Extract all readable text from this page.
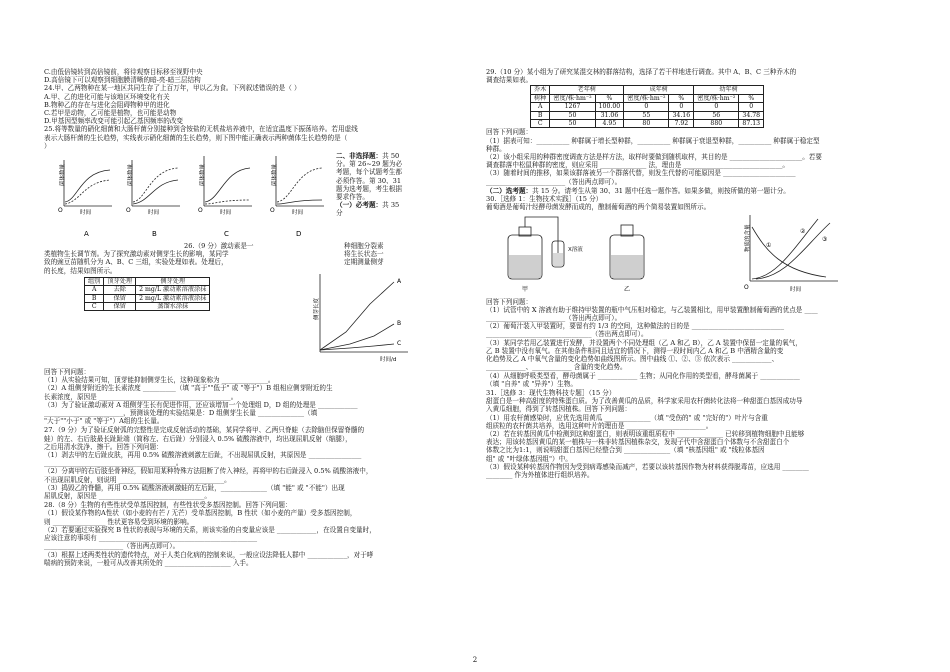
C.由低倍镜转到高倍镜前，将待观察目标移至视野中央

D.高倍镜下可以观察到细胞膜清晰的暗-亮-暗三层结构

24.甲、乙两物种在某一地区共同生存了上百万年，甲以乙为食。下列叙述错误的是（ ）

A.甲、乙的进化可能与该地区环境变化有关

B.物种乙的存在与进化会阻碍物种甲的进化

C.若甲是动物，乙可能是植物，也可能是动物

D.甲基因型频率改变可能引起乙基因频率的改变

25.将等数量的硝化细菌和大肠杆菌分别接种到含铵盐的无机盐培养液中，在适宜温度下振荡培养。若用虚线

表示大肠杆菌的生长趋势，实线表示硝化细菌的生长趋势，则下图中能正确表示两种菌体生长趋势的是（

）

菌体数量
O	时间
A
菌体数量
O	时间
B
菌体数量
O	时间
C
菌体数量
O	时间
D

二、非选择题：共 50

分。第 26~29 题为必

考题，每个试题考生都

必须作答。第 30、31

题为选考题，考生根据

要求作答。

（一）必考题：共 35

分

26.（9 分）激动素是一

类植物生长调节剂。为了探究激动素对侧芽生长的影响，某同学

致的豌豆苗随机分为 A、B、C 三组，实验处理如表。处理后，

的长度，结果如图所示。

组别	顶芽处理	侧芽处理
A	去除	2 mg/L 激动素溶液涂抹
B	保留	2 mg/L 激动素溶液涂抹
C	保留	蒸馏水涂抹

种细胞分裂素

将生长状态一

定期测量侧芽

侧芽长度
时间/d
A
B
C

回答下列问题：

（1）从实验结果可知，顶芽能抑制侧芽生长，这种现象称为 ______________。

（2）A 组侧芽附近的生长素浓度 __________（填 "高于""低于" 或 "等于"）B 组相应侧芽附近的生

长素浓度，原因是 ________________________________________。

（3）为了验证激动素对 A 组侧芽生长有促进作用，还应该增加一个处理组 D，D 组的处理是 ____________

________________________，预测该处理的实验结果是：D 组侧芽生长量 ______________（填

"大于""小于" 或 "等于"）A组的生长量。

27.（9 分）为了验证反射弧的完整性是完成反射活动的基础，某同学将甲、乙两只脊蛙（去除脑但保留脊髓的

蛙）的左、右后肢最长趾趾端（简称左、右后趾）分别浸入 0.5% 硫酸溶液中，均出现屈肌反射（缩腿），

之后用清水洗净、擦干。回答下列问题：

（1）剥去甲的左后趾皮肤，再用 0.5% 硫酸溶液刺激左后趾，不出现屈肌反射，其原因是 ________________

________________________________________。

（2）分离甲的右后肢坐骨神经，假如用某种特殊方法阻断了传入神经，再将甲的右后趾浸入 0.5% 硫酸溶液中，

不出现屈肌反射，则说明 ________________________________。

（3）捣毁乙的脊髓，再用 0.5% 硫酸溶液刺激蛙的左后趾，______________（填 "能" 或 "不能"）出现

屈肌反射，原因是 ________________________________。

28.（8 分）生物的有些性状受单基因控制，有些性状受多基因控制。回答下列问题：

（1）假设某作物的A性状（如小麦的有芒 / 无芒）受单基因控制，B 性状（如小麦的产量）受多基因控制，

则 ________________ 性状更容易受到环境的影响。

（2）若要通过实验探究 B 性状的表现与环境的关系，则该实验的自变量应该是 ____________，在设置自变量时，

应该注意的事项有 ________________________________________________

________________________（答出两点即可）。

（3）根据上述两类性状的遗传特点，对于人类白化病的控制来说，一般应设法降低人群中 ____________，对于哮

喘病的预防来说，一般可从改善其所处的 ____________________ 入手。

29.（10 分）某小组为了研究某混交林的群落结构，选择了若干样地进行调查。其中 A、B、C 三种乔木的

调查结果如表。

乔木	老年树		成年树		幼年树	
树种	密度/株·hm⁻²	%	密度/株·hm⁻²	%	密度/株·hm⁻²	%
A	1267	100.00	0	0	0	0
B	50	31.06	55	34.16	56	34.78
C	50	4.95	80	7.92	880	87.13

回答下列问题：

（1）据表可知：__________ 种群属于增长型种群，__________ 种群属于衰退型种群，__________ 种群属于稳定型

种群。

（2）该小组采用的种群密度调查方法是样方法，取样时要做到随机取样，其目的是 ______________________。若要

调查群落中松鼠种群的密度，则应采用 ______________ 法，理由是 ______________________________。

（3）随着时间的推移，如果该群落被另一个群落代替，则发生代替的可能原因是 ______________________

________________________（答出两点即可）。

（二）选考题：共 15 分。请考生从第 30、31 题中任选一题作答。如果多做，则按所做的第一题计分。

30.［选修 1：生物技术实践］（15 分）

葡萄酒是葡萄汁经酵母菌发酵而成的，酿制葡萄酒的两个简易装置如图所示。

X溶液
甲	乙
物质的含量
时间
O
①
②
③

回答下列问题：

（1）试管中的 X 溶液有助于维持甲装置的瓶中气压相对稳定，与乙装置相比，用甲装置酿制葡萄酒的优点是 ____

________________________（答出两点即可）。

（2）葡萄汁装入甲装置时，要留有约 1/3 的空间，这种做法的目的是 ____________________________

________________________________（答出两点即可）。

（3）某同学若用乙装置进行发酵，并设置两个不同处理组（乙 A 和乙 B），乙 A 装置中保留一定量的氧气，

乙 B 装置中没有氧气。在其他条件相同且适宜的情况下，测得一段时间内乙 A 和乙 B 中酒精含量的变

化趋势及乙 A 中氧气含量的变化趋势如曲线图所示。图中曲线 ①、②、③ 依次表示 ____________、

____________、____________ 含量的变化趋势。

（4）从细胞呼吸类型看，酵母菌属于 ____________ 生物；从同化作用的类型看，酵母菌属于 ____________

（填 "自养" 或 "异养"）生物。

31.［选修 3：现代生物科技专题］（15 分）

甜蛋白是一种高甜度的特殊蛋白质。为了改善黄瓜的品质，科学家采用农杆菌转化法将一种甜蛋白基因成功导

入黄瓜细胞，得到了转基因植株。回答下列问题：

（1）用农杆菌感染时，应优先选用黄瓜 ______________（填 "受伤的" 或 "完好的"）叶片与含重

组质粒的农杆菌共培养，选用这种叶片的理由是 ________________________。

（2）若在转基因黄瓜中检测到这种甜蛋白，则表明该重组质粒中 ______________ 已转移到植物细胞中且能够

表达；用该转基因黄瓜的某一植株与一株非转基因植株杂交，发现子代中含甜蛋白个体数与不含甜蛋白个

体数之比为1:1，则说明甜蛋白基因已经整合到 ______________（填 "核基因组" 或 "线粒体基因

组" 或 "叶绿体基因组"）中。

（3）假设某种转基因作物因为受到病毒感染而减产，若要以该转基因作物为材料获得脱毒苗，应选用 ________

________ 作为外植体进行组织培养。

2
